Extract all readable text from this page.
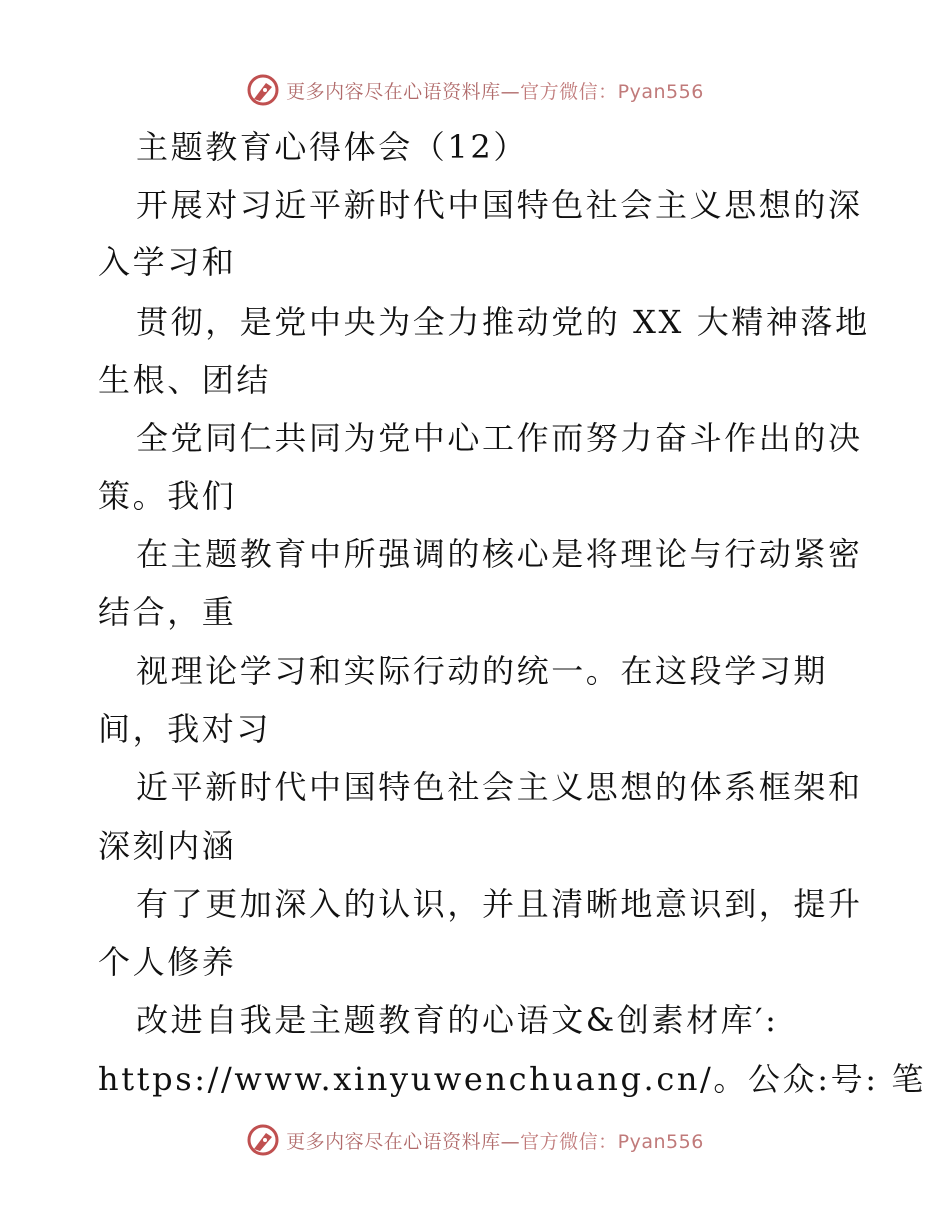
更多内容尽在心语资料库—官方微信：Pyan556
主题教育心得体会（12）
开展对习近平新时代中国特色社会主义思想的深
入学习和
贯彻，是党中央为全力推动党的 XX 大精神落地
生根、团结
全党同仁共同为党中心工作而努力奋斗作出的决
策。我们
在主题教育中所强调的核心是将理论与行动紧密
结合，重
视理论学习和实际行动的统一。在这段学习期
间，我对习
近平新时代中国特色社会主义思想的体系框架和
深刻内涵
有了更加深入的认识，并且清晰地意识到，提升
个人修养
改进自我是主题教育的心语文&创素材库′:
https://www.xinyuwenchuang.cn/。公众:号: 笔
更多内容尽在心语资料库—官方微信：Pyan556
